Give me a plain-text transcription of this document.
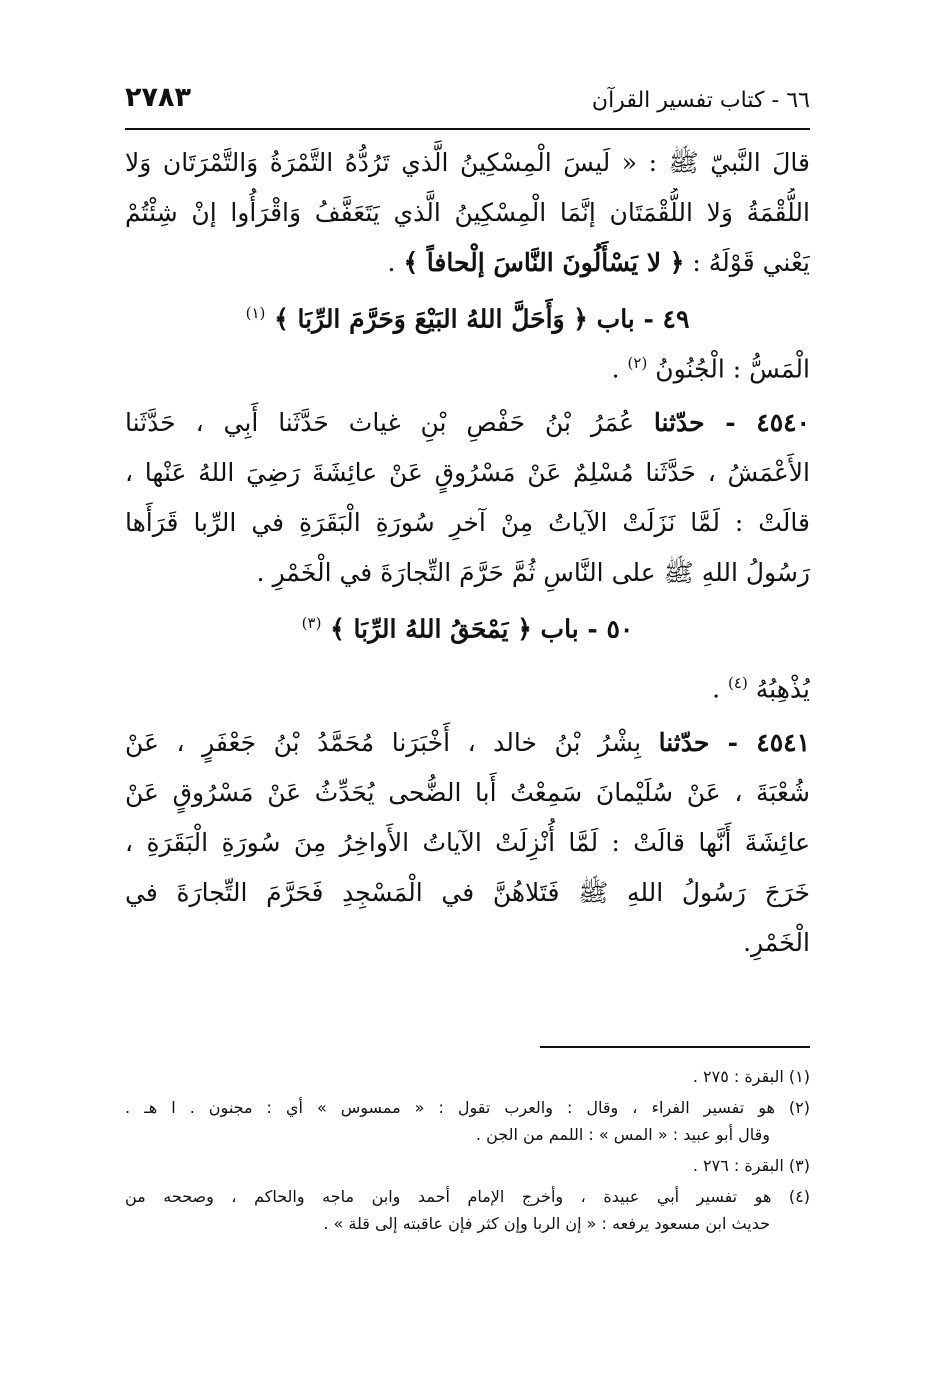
٦٦ - كتاب تفسير القرآن
٢٧٨٣
قالَ النَّبيّ ﷺ : « لَيسَ الْمِسْكِينُ الَّذي تَرُدُّهُ التَّمْرَةُ وَالتَّمْرَتَان وَلا
اللُّقْمَةُ وَلا اللُّقْمَتَان إنَّمَا الْمِسْكِينُ الَّذي يَتَعَفَّفُ وَاقْرَأُوا إنْ شِئْتُمْ
يَعْني قَوْلَهُ : ﴿ لا يَسْأَلُونَ النَّاسَ إلْحافاً ﴾ .
٤٩ - باب ﴿ وَأَحَلَّ اللهُ البَيْعَ وَحَرَّمَ الرِّبَا ﴾ $^{(١)}$
الْمَسُّ : الْجُنُونُ $^{(٢)}$ .
٤٥٤٠ - حدّثنا عُمَرُ بْنُ حَفْصِ بْنِ غياث حَدَّثَنا أَبِي ، حَدَّثَنا
الأَعْمَشُ ، حَدَّثَنا مُسْلِمٌ عَنْ مَسْرُوقٍ عَنْ عائِشَةَ رَضِيَ اللهُ عَنْها ،
قالَتْ : لَمَّا نَزَلَتْ الآياتُ مِنْ آخرِ سُورَةِ الْبَقَرَةِ في الرِّبا قَرَأَها
رَسُولُ اللهِ ﷺ على النَّاسِ ثُمَّ حَرَّمَ التِّجارَةَ في الْخَمْرِ .
٥٠ - باب ﴿ يَمْحَقُ اللهُ الرِّبَا ﴾ $^{(٣)}$
يُذْهِبُهُ $^{(٤)}$ .
٤٥٤١ - حدّثنا بِشْرُ بْنُ خالد ، أَخْبَرَنا مُحَمَّدُ بْنُ جَعْفَرٍ ، عَنْ
شُعْبَةَ ، عَنْ سُلَيْمانَ سَمِعْتُ أَبا الضُّحى يُحَدِّثُ عَنْ مَسْرُوقٍ عَنْ
عائِشَةَ أَنَّها قالَتْ : لَمَّا أُنْزِلَتْ الآياتُ الأَواخِرُ مِنَ سُورَةِ الْبَقَرَةِ ،
خَرَجَ رَسُولُ اللهِ ﷺ فَتَلاهُنَّ في الْمَسْجِدِ فَحَرَّمَ التِّجارَةَ في
الْخَمْرِ.
(١) البقرة : ٢٧٥ .
(٢) هو تفسير الفراء ، وقال : والعرب تقول : « ممسوس » أي : مجنون . ا هـ .
وقال أبو عبيد : « المس » : اللمم من الجن .
(٣) البقرة : ٢٧٦ .
(٤) هو تفسير أبي عبيدة ، وأخرج الإمام أحمد وابن ماجه والحاكم ، وصححه من
حديث ابن مسعود يرفعه : « إن الربا وإن كثر فإن عاقبته إلى قلة » .
